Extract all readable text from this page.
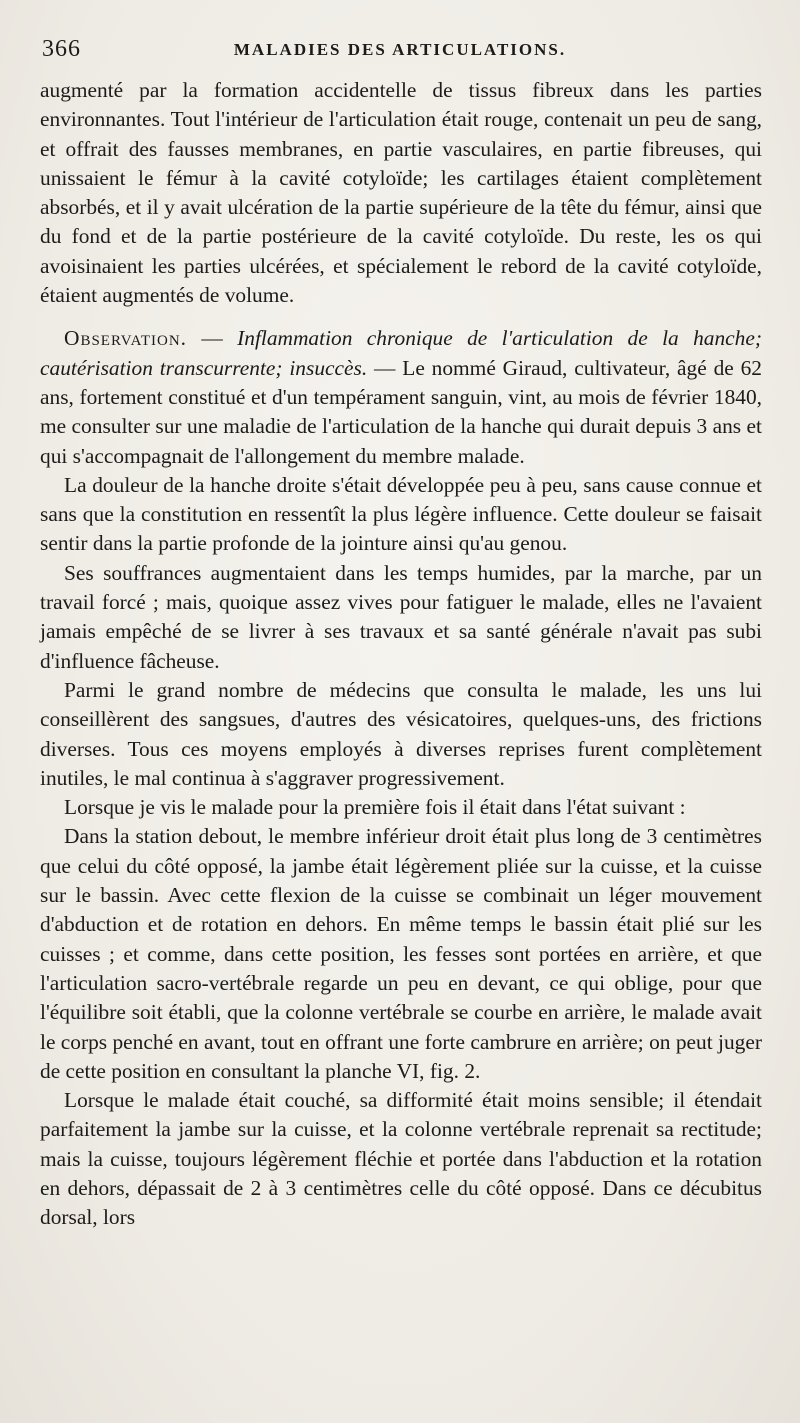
366	MALADIES DES ARTICULATIONS.

augmenté par la formation accidentelle de tissus fibreux dans les parties environnantes. Tout l'intérieur de l'articulation était rouge, contenait un peu de sang, et offrait des fausses membranes, en partie vasculaires, en partie fibreuses, qui unissaient le fémur à la cavité cotyloïde; les cartilages étaient complètement absorbés, et il y avait ulcération de la partie supérieure de la tête du fémur, ainsi que du fond et de la partie postérieure de la cavité cotyloïde. Du reste, les os qui avoisinaient les parties ulcérées, et spécialement le rebord de la cavité cotyloïde, étaient augmentés de volume.

Observation. — Inflammation chronique de l'articulation de la hanche; cautérisation transcurrente; insuccès. — Le nommé Giraud, cultivateur, âgé de 62 ans, fortement constitué et d'un tempérament sanguin, vint, au mois de février 1840, me consulter sur une maladie de l'articulation de la hanche qui durait depuis 3 ans et qui s'accompagnait de l'allongement du membre malade.

La douleur de la hanche droite s'était développée peu à peu, sans cause connue et sans que la constitution en ressentît la plus légère influence. Cette douleur se faisait sentir dans la partie profonde de la jointure ainsi qu'au genou.

Ses souffrances augmentaient dans les temps humides, par la marche, par un travail forcé ; mais, quoique assez vives pour fatiguer le malade, elles ne l'avaient jamais empêché de se livrer à ses travaux et sa santé générale n'avait pas subi d'influence fâcheuse.

Parmi le grand nombre de médecins que consulta le malade, les uns lui conseillèrent des sangsues, d'autres des vésicatoires, quelques-uns, des frictions diverses. Tous ces moyens employés à diverses reprises furent complètement inutiles, le mal continua à s'aggraver progressivement.

Lorsque je vis le malade pour la première fois il était dans l'état suivant :

Dans la station debout, le membre inférieur droit était plus long de 3 centimètres que celui du côté opposé, la jambe était légèrement pliée sur la cuisse, et la cuisse sur le bassin. Avec cette flexion de la cuisse se combinait un léger mouvement d'abduction et de rotation en dehors. En même temps le bassin était plié sur les cuisses ; et comme, dans cette position, les fesses sont portées en arrière, et que l'articulation sacro-vertébrale regarde un peu en devant, ce qui oblige, pour que l'équilibre soit établi, que la colonne vertébrale se courbe en arrière, le malade avait le corps penché en avant, tout en offrant une forte cambrure en arrière; on peut juger de cette position en consultant la planche VI, fig. 2.

Lorsque le malade était couché, sa difformité était moins sensible; il étendait parfaitement la jambe sur la cuisse, et la colonne vertébrale reprenait sa rectitude; mais la cuisse, toujours légèrement fléchie et portée dans l'abduction et la rotation en dehors, dépassait de 2 à 3 centimètres celle du côté opposé. Dans ce décubitus dorsal, lors
